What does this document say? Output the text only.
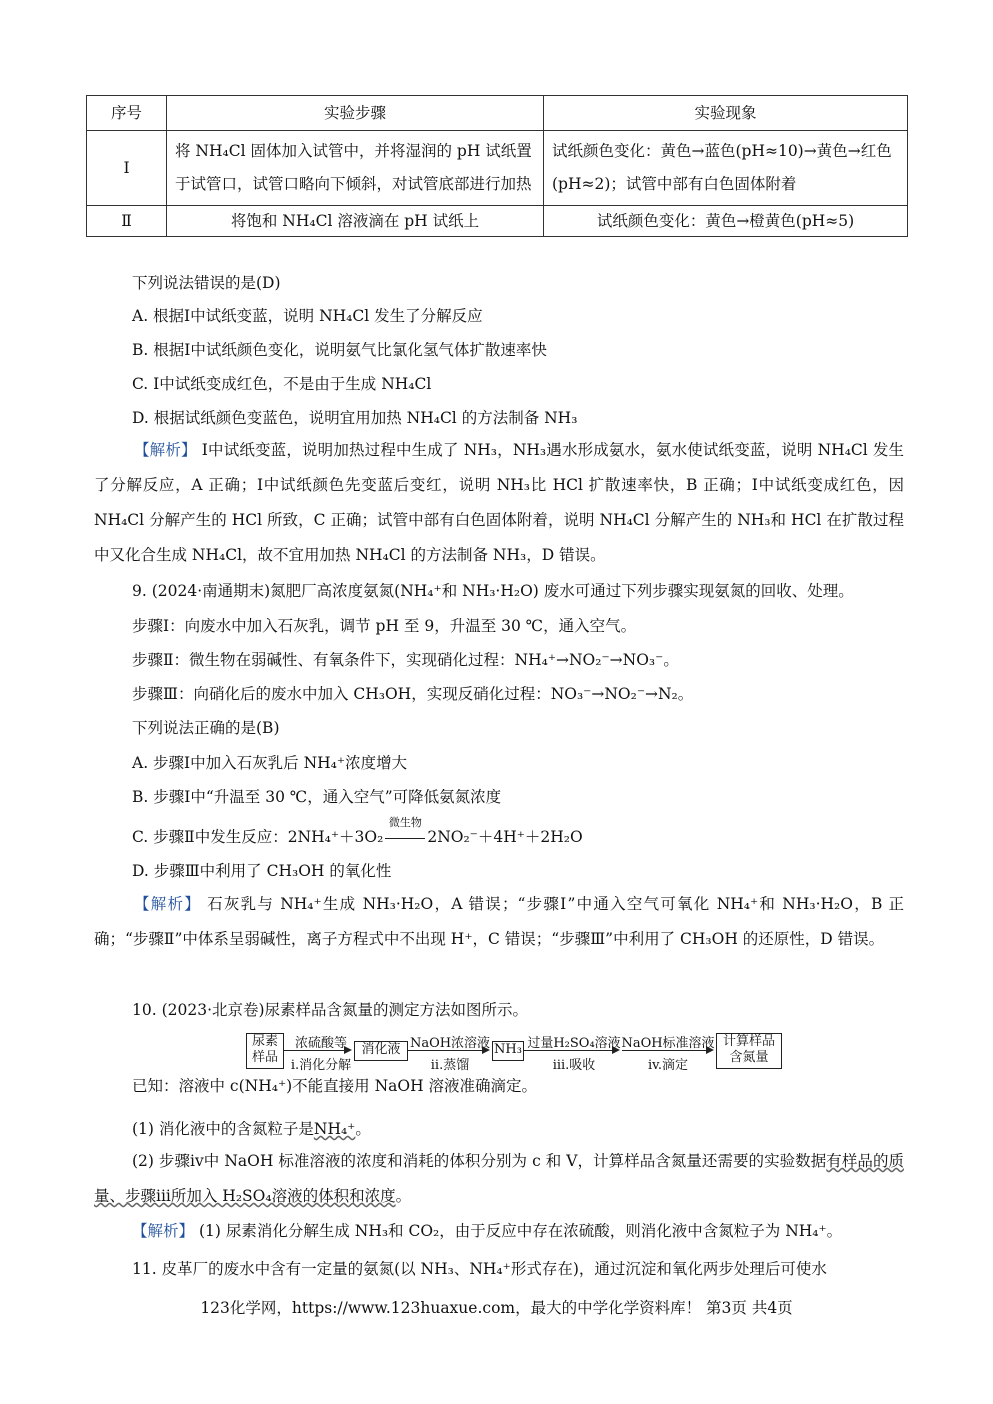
序号	实验步骤	实验现象
Ⅰ	将 NH₄Cl 固体加入试管中，并将湿润的 pH 试纸置于试管口，试管口略向下倾斜，对试管底部进行加热	试纸颜色变化：黄色→蓝色(pH≈10)→黄色→红色(pH≈2)；试管中部有白色固体附着
Ⅱ	将饱和 NH₄Cl 溶液滴在 pH 试纸上	试纸颜色变化：黄色→橙黄色(pH≈5)
下列说法错误的是(D)
A. 根据Ⅰ中试纸变蓝，说明 NH₄Cl 发生了分解反应
B. 根据Ⅰ中试纸颜色变化，说明氨气比氯化氢气体扩散速率快
C. Ⅰ中试纸变成红色，不是由于生成 NH₄Cl
D. 根据试纸颜色变蓝色，说明宜用加热 NH₄Cl 的方法制备 NH₃
【解析】 Ⅰ中试纸变蓝，说明加热过程中生成了 NH₃，NH₃遇水形成氨水，氨水使试纸变蓝，说明 NH₄Cl 发生了分解反应，A 正确；Ⅰ中试纸颜色先变蓝后变红，说明 NH₃比 HCl 扩散速率快，B 正确；Ⅰ中试纸变成红色，因 NH₄Cl 分解产生的 HCl 所致，C 正确；试管中部有白色固体附着，说明 NH₄Cl 分解产生的 NH₃和 HCl 在扩散过程中又化合生成 NH₄Cl，故不宜用加热 NH₄Cl 的方法制备 NH₃，D 错误。
9. (2024·南通期末)氮肥厂高浓度氨氮(NH₄⁺和 NH₃·H₂O) 废水可通过下列步骤实现氨氮的回收、处理。
步骤Ⅰ：向废水中加入石灰乳，调节 pH 至 9，升温至 30 ℃，通入空气。
步骤Ⅱ：微生物在弱碱性、有氧条件下，实现硝化过程：NH₄⁺→NO₂⁻→NO₃⁻。
步骤Ⅲ：向硝化后的废水中加入 CH₃OH，实现反硝化过程：NO₃⁻→NO₂⁻→N₂。
下列说法正确的是(B)
A. 步骤Ⅰ中加入石灰乳后 NH₄⁺浓度增大
B. 步骤Ⅰ中“升温至 30 ℃，通入空气”可降低氨氮浓度
C. 步骤Ⅱ中发生反应：2NH₄⁺＋3O₂
微生物
2NO₂⁻＋4H⁺＋2H₂O
D. 步骤Ⅲ中利用了 CH₃OH 的氧化性
【解析】 石灰乳与 NH₄⁺生成 NH₃·H₂O，A 错误；“步骤Ⅰ”中通入空气可氧化 NH₄⁺和 NH₃·H₂O，B 正确；“步骤Ⅱ”中体系呈弱碱性，离子方程式中不出现 H⁺，C 错误；“步骤Ⅲ”中利用了 CH₃OH 的还原性，D 错误。
10. (2023·北京卷)尿素样品含氮量的测定方法如图所示。
尿素
样品
浓硫酸等
i.消化分解
消化液 NaOH浓溶液
ii.蒸馏
NH₃ 过量H₂SO₄溶液
iii.吸收
NaOH标准溶液
iv.滴定
计算样品
含氮量
已知：溶液中 c(NH₄⁺)不能直接用 NaOH 溶液准确滴定。
(1) 消化液中的含氮粒子是NH₄⁺。
(2) 步骤iv中 NaOH 标准溶液的浓度和消耗的体积分别为 c 和 V，计算样品含氮量还需要的实验数据有样品的质量、步骤iii所加入 H₂SO₄溶液的体积和浓度。
【解析】 (1) 尿素消化分解生成 NH₃和 CO₂，由于反应中存在浓硫酸，则消化液中含氮粒子为 NH₄⁺。
11. 皮革厂的废水中含有一定量的氨氮(以 NH₃、NH₄⁺形式存在)，通过沉淀和氧化两步处理后可使水
123化学网，https://www.123huaxue.com，最大的中学化学资料库！ 第3页 共4页
